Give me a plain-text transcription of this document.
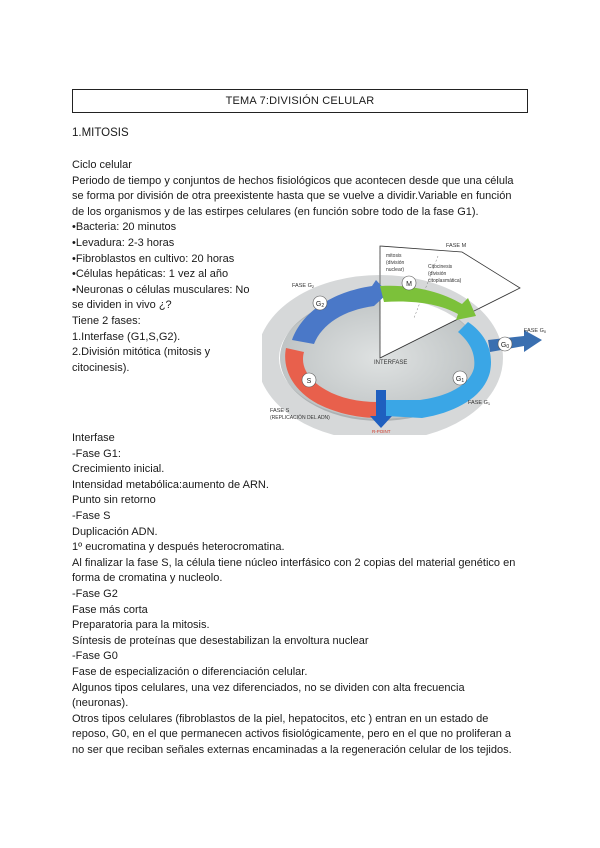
TEMA 7:DIVISIÓN CELULAR
1.MITOSIS

Ciclo celular

Periodo de tiempo y conjuntos de hechos fisiológicos que acontecen desde que una célula

se forma por división de otra preexistente hasta que se vuelve a dividir.Variable en función

de los organismos y de las estirpes celulares (en función sobre todo de la fase G1).

•Bacteria: 20 minutos

•Levadura: 2-3 horas

•Fibroblastos en cultivo: 20 horas

•Células hepáticas: 1 vez al año

•Neuronas o células musculares: No

se dividen in vivo ¿?

Tiene 2 fases:

1.Interfase (G1,S,G2).

2.División mitótica (mitosis y

citocinesis).

M
G2
G1
S
G0
FASE M
mitosis
(división
nuclear)	Citocinesis
(división
citoplasmática)
FASE G2
FASE G0
INTERFASE
FASE S
(REPLICACIÓN DEL ADN)
FASE G1
R-POINT

Interfase

-Fase G1:

Crecimiento inicial.

Intensidad metabólica:aumento de ARN.

Punto sin retorno

-Fase S

Duplicación ADN.

1º eucromatina y después heterocromatina.

Al finalizar la fase S, la célula tiene núcleo interfásico con 2 copias del material genético en

forma de cromatina y nucleolo.

-Fase G2

Fase más corta

Preparatoria para la mitosis.

Síntesis de proteínas que desestabilizan la envoltura nuclear

-Fase G0

Fase de especialización o diferenciación celular.

Algunos tipos celulares, una vez diferenciados, no se dividen con alta frecuencia

(neuronas).

Otros tipos celulares (fibroblastos de la piel, hepatocitos, etc ) entran en un estado de

reposo, G0, en el que permanecen activos fisiológicamente, pero en el que no proliferan a

no ser que reciban señales externas encaminadas a la regeneración celular de los tejidos.
